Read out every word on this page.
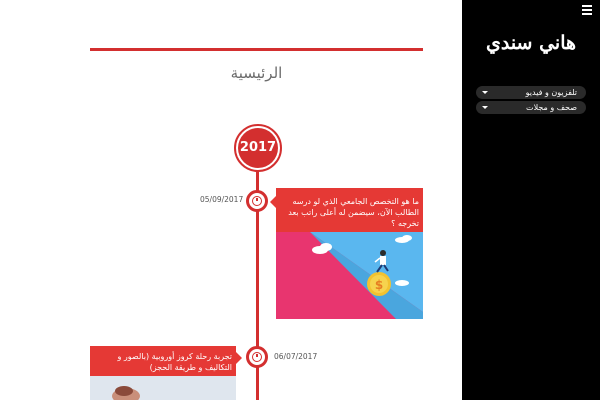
هاني سندي
تلفزيون و فيديو
صحف و مجلات
الرئيسية
2017
05/09/2017	ما هو التخصص الجامعي الذي لو درسه الطالب الآن، سيضمن له أعلى راتب بعد تخرجه ؟
$
06/07/2017
تجربة رحلة كروز أوروبية (بالصور و التكاليف و طريقة الحجز)
